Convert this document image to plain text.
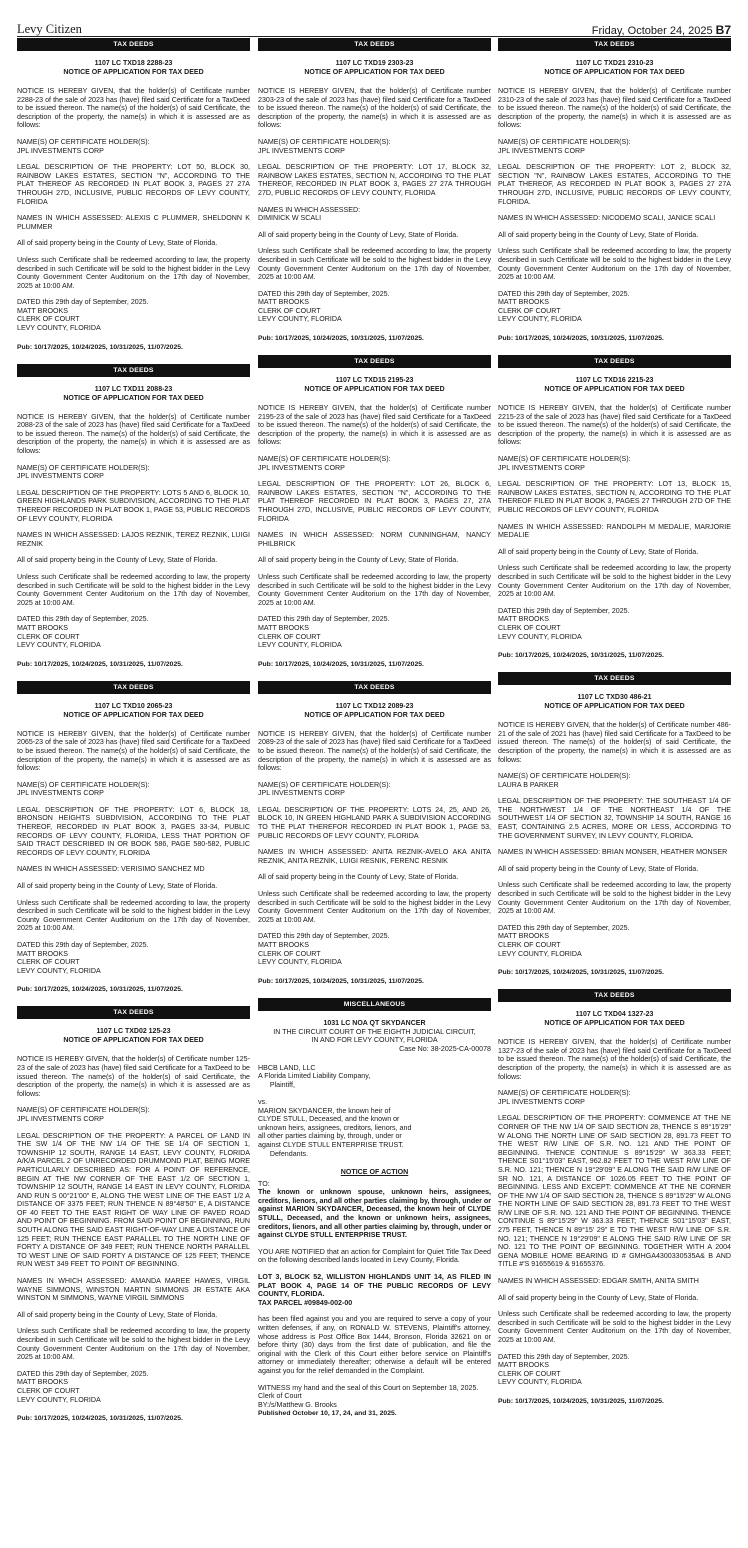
Levy Citizen	Friday, October 24, 2025 B7
TAX DEEDS
1107 LC TXD18 2288-23
NOTICE OF APPLICATION FOR TAX DEED
NOTICE IS HEREBY GIVEN, that the holder(s) of Certificate number 2288-23 of the sale of 2023 has (have) filed said Certificate for a TaxDeed to be issued thereon. The name(s) of the holder(s) of said Certificate, the description of the property, the name(s) in which it is assessed are as follows:
NAME(S) OF CERTIFICATE HOLDER(S):
JPL INVESTMENTS CORP
LEGAL DESCRIPTION OF THE PROPERTY: LOT 50, BLOCK 30, RAINBOW LAKES ESTATES, SECTION "N", ACCORDING TO THE PLAT THEREOF AS RECORDED IN PLAT BOOK 3, PAGES 27 27A THROUGH 27D, INCLUSIVE, PUBLIC RECORDS OF LEVY COUNTY, FLORIDA
NAMES IN WHICH ASSESSED: ALEXIS C PLUMMER, SHELDONN K PLUMMER
All of said property being in the County of Levy, State of Florida.
Unless such Certificate shall be redeemed according to law, the property described in such Certificate will be sold to the highest bidder in the Levy County Government Center Auditorium on the 17th day of November, 2025 at 10:00 AM.
DATED this 29th day of September, 2025.
MATT BROOKS
CLERK OF COURT
LEVY COUNTY, FLORIDA
Pub: 10/17/2025, 10/24/2025, 10/31/2025, 11/07/2025.
TAX DEEDS
1107 LC TXD11 2088-23
NOTICE OF APPLICATION FOR TAX DEED
NOTICE IS HEREBY GIVEN, that the holder(s) of Certificate number 2088-23 of the sale of 2023 has (have) filed said Certificate for a TaxDeed to be issued thereon. The name(s) of the holder(s) of said Certificate, the description of the property, the name(s) in which it is assessed are as follows:
NAME(S) OF CERTIFICATE HOLDER(S):
JPL INVESTMENTS CORP
LEGAL DESCRIPTION OF THE PROPERTY: LOTS 5 AND 6, BLOCK 10, GREEN HIGHLANDS PARK SUBDIVISION, ACCORDING TO THE PLAT THEREOF RECORDED IN PLAT BOOK 1, PAGE 53, PUBLIC RECORDS OF LEVY COUNTY, FLORIDA
NAMES IN WHICH ASSESSED: LAJOS REZNIK, TEREZ REZNIK, LUIGI REZNIK
All of said property being in the County of Levy, State of Florida.
Unless such Certificate shall be redeemed according to law, the property described in such Certificate will be sold to the highest bidder in the Levy County Government Center Auditorium on the 17th day of November, 2025 at 10:00 AM.
DATED this 29th day of September, 2025.
MATT BROOKS
CLERK OF COURT
LEVY COUNTY, FLORIDA
Pub: 10/17/2025, 10/24/2025, 10/31/2025, 11/07/2025.
TAX DEEDS
1107 LC TXD10 2065-23
NOTICE OF APPLICATION FOR TAX DEED
NOTICE IS HEREBY GIVEN, that the holder(s) of Certificate number 2065-23 of the sale of 2023 has (have) filed said Certificate for a TaxDeed to be issued thereon. The name(s) of the holder(s) of said Certificate, the description of the property, the name(s) in which it is assessed are as follows:
NAME(S) OF CERTIFICATE HOLDER(S):
JPL INVESTMENTS CORP
LEGAL DESCRIPTION OF THE PROPERTY: LOT 6, BLOCK 18, BRONSON HEIGHTS SUBDIVISION, ACCORDING TO THE PLAT THEREOF, RECORDED IN PLAT BOOK 3, PAGES 33-34, PUBLIC RECORDS OF LEVY COUNTY, FLORIDA, LESS THAT PORTION OF SAID TRACT DESCRIBED IN OR BOOK 586, PAGE 580-582, PUBLIC RECORDS OF LEVY COUNTY, FLORIDA
NAMES IN WHICH ASSESSED: VERISIMO SANCHEZ MD
All of said property being in the County of Levy, State of Florida.
Unless such Certificate shall be redeemed according to law, the property described in such Certificate will be sold to the highest bidder in the Levy County Government Center Auditorium on the 17th day of November, 2025 at 10:00 AM.
DATED this 29th day of September, 2025.
MATT BROOKS
CLERK OF COURT
LEVY COUNTY, FLORIDA
Pub: 10/17/2025, 10/24/2025, 10/31/2025, 11/07/2025.
TAX DEEDS
1107 LC TXD02 125-23
NOTICE OF APPLICATION FOR TAX DEED
NOTICE IS HEREBY GIVEN, that the holder(s) of Certificate number 125-23 of the sale of 2023 has (have) filed said Certificate for a TaxDeed to be issued thereon. The name(s) of the holder(s) of said Certificate, the description of the property, the name(s) in which it is assessed are as follows:
NAME(S) OF CERTIFICATE HOLDER(S):
JPL INVESTMENTS CORP
LEGAL DESCRIPTION OF THE PROPERTY: A PARCEL OF LAND IN THE SW 1/4 OF THE NW 1/4 OF THE SE 1/4 OF SECTION 1, TOWNSHIP 12 SOUTH, RANGE 14 EAST, LEVY COUNTY, FLORIDA A/K/A PARCEL 2 OF UNRECORDED DRUMMOND PLAT, BEING MORE PARTICULARLY DESCRIBED AS: FOR A POINT OF REFERENCE, BEGIN AT THE NW CORNER OF THE EAST 1/2 OF SECTION 1, TOWNSHIP 12 SOUTH, RANGE 14 EAST IN LEVY COUNTY, FLORIDA AND RUN S 00°21'00" E, ALONG THE WEST LINE OF THE EAST 1/2 A DISTANCE OF 3375 FEET; RUN THENCE N 89°48'50" E, A DISTANCE OF 40 FEET TO THE EAST RIGHT OF WAY LINE OF PAVED ROAD AND POINT OF BEGINNING. FROM SAID POINT OF BEGINNING, RUN SOUTH ALONG THE SAID EAST RIGHT-OF-WAY LINE A DISTANCE OF 125 FEET; RUN THENCE EAST PARALLEL TO THE NORTH LINE OF FORTY A DISTANCE OF 349 FEET; RUN THENCE NORTH PARALLEL TO WEST LINE OF SAID FORTY A DISTANCE OF 125 FEET; THENCE RUN WEST 349 FEET TO POINT OF BEGINNING.
NAMES IN WHICH ASSESSED: AMANDA MAREE HAWES, VIRGIL WAYNE SIMMONS, WINSTON MARTIN SIMMONS JR ESTATE AKA WINSTON M SIMMONS, WAYNE VIRGIL SIMMONS
All of said property being in the County of Levy, State of Florida.
Unless such Certificate shall be redeemed according to law, the property described in such Certificate will be sold to the highest bidder in the Levy County Government Center Auditorium on the 17th day of November, 2025 at 10:00 AM.
DATED this 29th day of September, 2025.
MATT BROOKS
CLERK OF COURT
LEVY COUNTY, FLORIDA
Pub: 10/17/2025, 10/24/2025, 10/31/2025, 11/07/2025.
TAX DEEDS
1107 LC TXD19 2303-23
NOTICE OF APPLICATION FOR TAX DEED
NOTICE IS HEREBY GIVEN, that the holder(s) of Certificate number 2303-23 of the sale of 2023 has (have) filed said Certificate for a TaxDeed to be issued thereon. The name(s) of the holder(s) of said Certificate, the description of the property, the name(s) in which it is assessed are as follows:
NAME(S) OF CERTIFICATE HOLDER(S):
JPL INVESTMENTS CORP
LEGAL DESCRIPTION OF THE PROPERTY: LOT 17, BLOCK 32, RAINBOW LAKES ESTATES, SECTION N, ACCORDING TO THE PLAT THEREOF, RECORDED IN PLAT BOOK 3, PAGES 27 27A THROUGH 27D, PUBLIC RECORDS OF LEVY COUNTY, FLORIDA
NAMES IN WHICH ASSESSED:
DIMINICK W SCALI
All of said property being in the County of Levy, State of Florida.
Unless such Certificate shall be redeemed according to law, the property described in such Certificate will be sold to the highest bidder in the Levy County Government Center Auditorium on the 17th day of November, 2025 at 10:00 AM.
DATED this 29th day of September, 2025.
MATT BROOKS
CLERK OF COURT
LEVY COUNTY, FLORIDA
Pub: 10/17/2025, 10/24/2025, 10/31/2025, 11/07/2025.
TAX DEEDS
1107 LC TXD15 2195-23
NOTICE OF APPLICATION FOR TAX DEED
NOTICE IS HEREBY GIVEN, that the holder(s) of Certificate number 2195-23 of the sale of 2023 has (have) filed said Certificate for a TaxDeed to be issued thereon. The name(s) of the holder(s) of said Certificate, the description of the property, the name(s) in which it is assessed are as follows:
NAME(S) OF CERTIFICATE HOLDER(S):
JPL INVESTMENTS CORP
LEGAL DESCRIPTION OF THE PROPERTY: LOT 26, BLOCK 6, RAINBOW LAKES ESTATES, SECTION "N", ACCORDING TO THE PLAT THEREOF RECORDED IN PLAT BOOK 3, PAGES 27, 27A THROUGH 27D, INCLUSIVE, PUBLIC RECORDS OF LEVY COUNTY, FLORIDA
NAMES IN WHICH ASSESSED: NORM CUNNINGHAM, NANCY PHILBRICK
All of said property being in the County of Levy, State of Florida.
Unless such Certificate shall be redeemed according to law, the property described in such Certificate will be sold to the highest bidder in the Levy County Government Center Auditorium on the 17th day of November, 2025 at 10:00 AM.
DATED this 29th day of September, 2025.
MATT BROOKS
CLERK OF COURT
LEVY COUNTY, FLORIDA
Pub: 10/17/2025, 10/24/2025, 10/31/2025, 11/07/2025.
TAX DEEDS
1107 LC TXD12 2089-23
NOTICE OF APPLICATION FOR TAX DEED
NOTICE IS HEREBY GIVEN, that the holder(s) of Certificate number 2089-23 of the sale of 2023 has (have) filed said Certificate for a TaxDeed to be issued thereon. The name(s) of the holder(s) of said Certificate, the description of the property, the name(s) in which it is assessed are as follows:
NAME(S) OF CERTIFICATE HOLDER(S):
JPL INVESTMENTS CORP
LEGAL DESCRIPTION OF THE PROPERTY: LOTS 24, 25, AND 26, BLOCK 10, IN GREEN HIGHLAND PARK A SUBDIVISION ACCORDING TO THE PLAT THEREFOR RECORDED IN PLAT BOOK 1, PAGE 53, PUBLIC RECORDS OF LEVY COUNTY, FLORIDA
NAMES IN WHICH ASSESSED: ANITA REZNIK-AVELO AKA ANITA REZNIK, ANITA REZNIK, LUIGI RESNIK, FERENC RESNIK
All of said property being in the County of Levy, State of Florida.
Unless such Certificate shall be redeemed according to law, the property described in such Certificate will be sold to the highest bidder in the Levy County Government Center Auditorium on the 17th day of November, 2025 at 10:00 AM.
DATED this 29th day of September, 2025.
MATT BROOKS
CLERK OF COURT
LEVY COUNTY, FLORIDA
Pub: 10/17/2025, 10/24/2025, 10/31/2025, 11/07/2025.
MISCELLANEOUS
1031 LC NOA QT SKYDANCER
IN THE CIRCUIT COURT OF THE EIGHTH JUDICIAL CIRCUIT,
IN AND FOR LEVY COUNTY, FLORIDA
Case No: 38-2025-CA-00078
HBCB LAND, LLC
A Florida Limited Liability Company,
Plaintiff,

vs.
MARION SKYDANCER, the known heir of
CLYDE STULL, Deceased, and the known or
unknown heirs, assignees, creditors, lienors, and
all other parties claiming by, through, under or
against CLYDE STULL ENTERPRISE TRUST.
Defendants.
NOTICE OF ACTION
TO:
The known or unknown spouse, unknown heirs, assignees, creditors, lienors, and all other parties claiming by, through, under or against MARION SKYDANCER, Deceased, the known heir of CLYDE STULL, Deceased, and the known or unknown heirs, assignees, creditors, lienors, and all other parties claiming by, through, under or against CLYDE STULL ENTERPRISE TRUST.
YOU ARE NOTIFIED that an action for Complaint for Quiet Title Tax Deed on the following described lands located in Levy County, Florida.
LOT 3, BLOCK 52, WILLISTON HIGHLANDS UNIT 14, AS FILED IN PLAT BOOK 4, PAGE 14 OF THE PUBLIC RECORDS OF LEVY COUNTY, FLORIDA.
TAX PARCEL #09849-002-00
has been filed against you and you are required to serve a copy of your written defenses, if any, on RONALD W. STEVENS, Plaintiff's attorney, whose address is Post Office Box 1444, Bronson, Florida 32621 on or before thirty (30) days from the first date of publication, and file the original with the Clerk of this Court either before service on Plaintiff's attorney or immediately thereafter; otherwise a default will be entered against you for the relief demanded in the Complaint.
WITNESS my hand and the seal of this Court on September 18, 2025.
Clerk of Court
BY:/s/Matthew G. Brooks
Published October 10, 17, 24, and 31, 2025.
TAX DEEDS
1107 LC TXD21 2310-23
NOTICE OF APPLICATION FOR TAX DEED
NOTICE IS HEREBY GIVEN, that the holder(s) of Certificate number 2310-23 of the sale of 2023 has (have) filed said Certificate for a TaxDeed to be issued thereon. The name(s) of the holder(s) of said Certificate, the description of the property, the name(s) in which it is assessed are as follows:
NAME(S) OF CERTIFICATE HOLDER(S):
JPL INVESTMENTS CORP
LEGAL DESCRIPTION OF THE PROPERTY: LOT 2, BLOCK 32, SECTION "N", RAINBOW LAKES ESTATES, ACCORDING TO THE PLAT THEREOF, AS RECORDED IN PLAT BOOK 3, PAGES 27 27A THROUGH 27D, INCLUSIVE, PUBLIC RECORDS OF LEVY COUNTY, FLORIDA.
NAMES IN WHICH ASSESSED: NICODEMO SCALI, JANICE SCALI
All of said property being in the County of Levy, State of Florida.
Unless such Certificate shall be redeemed according to law, the property described in such Certificate will be sold to the highest bidder in the Levy County Government Center Auditorium on the 17th day of November, 2025 at 10:00 AM.
DATED this 29th day of September, 2025.
MATT BROOKS
CLERK OF COURT
LEVY COUNTY, FLORIDA
Pub: 10/17/2025, 10/24/2025, 10/31/2025, 11/07/2025.
TAX DEEDS
1107 LC TXD16 2215-23
NOTICE OF APPLICATION FOR TAX DEED
NOTICE IS HEREBY GIVEN, that the holder(s) of Certificate number 2215-23 of the sale of 2023 has (have) filed said Certificate for a TaxDeed to be issued thereon. The name(s) of the holder(s) of said Certificate, the description of the property, the name(s) in which it is assessed are as follows:
NAME(S) OF CERTIFICATE HOLDER(S):
JPL INVESTMENTS CORP
LEGAL DESCRIPTION OF THE PROPERTY: LOT 13, BLOCK 15, RAINBOW LAKES ESTATES, SECTION N, ACCORDING TO THE PLAT THEREOF FILED IN PLAT BOOK 3, PAGES 27 THROUGH 27D OF THE PUBLIC RECORDS OF LEVY COUNTY, FLORIDA
NAMES IN WHICH ASSESSED: RANDOLPH M MEDALIE, MARJORIE MEDALIE
All of said property being in the County of Levy, State of Florida.
Unless such Certificate shall be redeemed according to law, the property described in such Certificate will be sold to the highest bidder in the Levy County Government Center Auditorium on the 17th day of November, 2025 at 10:00 AM.
DATED this 29th day of September, 2025.
MATT BROOKS
CLERK OF COURT
LEVY COUNTY, FLORIDA
Pub: 10/17/2025, 10/24/2025, 10/31/2025, 11/07/2025.
TAX DEEDS
1107 LC TXD30 486-21
NOTICE OF APPLICATION FOR TAX DEED
NOTICE IS HEREBY GIVEN, that the holder(s) of Certificate number 486-21 of the sale of 2021 has (have) filed said Certificate for a TaxDeed to be issued thereon. The name(s) of the holder(s) of said Certificate, the description of the property, the name(s) in which it is assessed are as follows:
NAME(S) OF CERTIFICATE HOLDER(S):
LAURA B PARKER
LEGAL DESCRIPTION OF THE PROPERTY: THE SOUTHEAST 1/4 OF THE NORTHWEST 1/4 OF THE NORTHEAST 1/4 OF THE SOUTHWEST 1/4 OF SECTION 32, TOWNSHIP 14 SOUTH, RANGE 16 EAST, CONTAINING 2.5 ACRES, MORE OR LESS, ACCORDING TO THE GOVERNMENT SURVEY, IN LEVY COUNTY, FLORIDA.
NAMES IN WHICH ASSESSED: BRIAN MONSER, HEATHER MONSER
All of said property being in the County of Levy, State of Florida.
Unless such Certificate shall be redeemed according to law, the property described in such Certificate will be sold to the highest bidder in the Levy County Government Center Auditorium on the 17th day of November, 2025 at 10:00 AM.
DATED this 29th day of September, 2025.
MATT BROOKS
CLERK OF COURT
LEVY COUNTY, FLORIDA
Pub: 10/17/2025, 10/24/2025, 10/31/2025, 11/07/2025.
TAX DEEDS
1107 LC TXD04 1327-23
NOTICE OF APPLICATION FOR TAX DEED
NOTICE IS HEREBY GIVEN, that the holder(s) of Certificate number 1327-23 of the sale of 2023 has (have) filed said Certificate for a TaxDeed to be issued thereon. The name(s) of the holder(s) of said Certificate, the description of the property, the name(s) in which it is assessed are as follows:
NAME(S) OF CERTIFICATE HOLDER(S):
JPL INVESTMENTS CORP
LEGAL DESCRIPTION OF THE PROPERTY: COMMENCE AT THE NE CORNER OF THE NW 1/4 OF SAID SECTION 28, THENCE S 89°15'29" W ALONG THE NORTH LINE OF SAID SECTION 28, 891.73 FEET TO THE WEST R/W LINE OF S.R. NO. 121 AND THE POINT OF BEGINNING. THENCE CONTINUE S 89°15'29" W 363.33 FEET; THENCE S01°15'03" EAST, 962.82 FEET TO THE WEST R/W LINE OF S.R. NO. 121; THENCE N 19°29'09" E ALONG THE SAID R/W LINE OF SR NO. 121, A DISTANCE OF 1026.05 FEET TO THE POINT OF BEGINNING. LESS AND EXCEPT: COMMENCE AT THE NE CORNER OF THE NW 1/4 OF SAID SECTION 28, THENCE S 89°15'29" W ALONG THE NORTH LINE OF SAID SECTION 28, 891.73 FEET TO THE WEST R/W LINE OF S.R. NO. 121 AND THE POINT OF BEGINNING. THENCE CONTINUE S 89°15'29" W 363.33 FEET; THENCE S01°15'03" EAST, 275 FEET, THENCE N 89°15' 29" E TO THE WEST R/W LINE OF S.R. NO. 121; THENCE N 19°29'09" E ALONG THE SAID R/W LINE OF SR NO. 121 TO THE POINT OF BEGINNING. TOGETHER WITH A 2004 GENA MOBILE HOME BEARING ID # GMHGA4300330535A& B AND TITLE #'S 91655619 & 91655376.
NAMES IN WHICH ASSESSED: EDGAR SMITH, ANITA SMITH
All of said property being in the County of Levy, State of Florida.
Unless such Certificate shall be redeemed according to law, the property described in such Certificate will be sold to the highest bidder in the Levy County Government Center Auditorium on the 17th day of November, 2025 at 10:00 AM.
DATED this 29th day of September, 2025.
MATT BROOKS
CLERK OF COURT
LEVY COUNTY, FLORIDA
Pub: 10/17/2025, 10/24/2025, 10/31/2025, 11/07/2025.
